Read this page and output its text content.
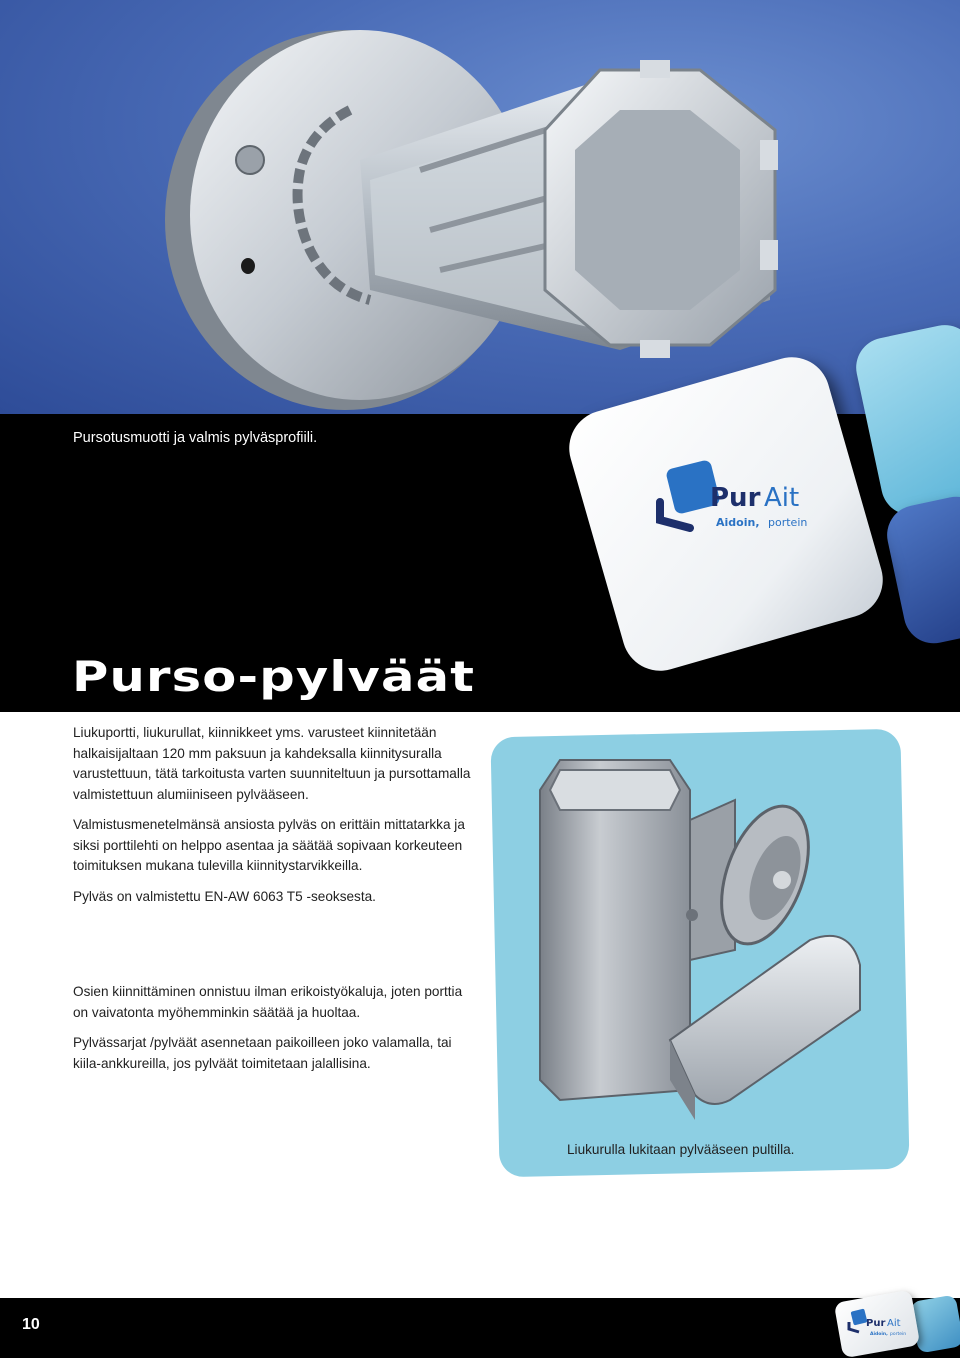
Pursotusmuotti ja valmis pylväsprofiili.
Purso-pylväät
Pur Ait
Aidoin, portein

Liukuportti, liukurullat, kiinnikkeet yms. varusteet kiinnitetään halkaisijaltaan 120 mm paksuun ja kahdeksalla kiinnitysuralla varustettuun, tätä tarkoitusta varten suunniteltuun ja pursottamalla valmistettuun alumiiniseen pylvääseen.

Valmistusmenetelmänsä ansiosta pylväs on erittäin mittatarkka ja siksi porttilehti on helppo asentaa ja säätää sopivaan korkeuteen toimituksen mukana tulevilla kiinnitystarvikkeilla.

Pylväs on valmistettu EN-AW 6063 T5 -seoksesta.

Osien kiinnittäminen onnistuu ilman erikoistyökaluja, joten porttia on vaivatonta myöhemminkin säätää ja huoltaa.

Pylvässarjat /pylväät asennetaan paikoilleen joko valamalla, tai kiila-ankkureilla, jos pylväät toimitetaan jalallisina.

Liukurulla lukitaan pylvääseen pultilla.
10	Pur Ait
Aidoin, portein
